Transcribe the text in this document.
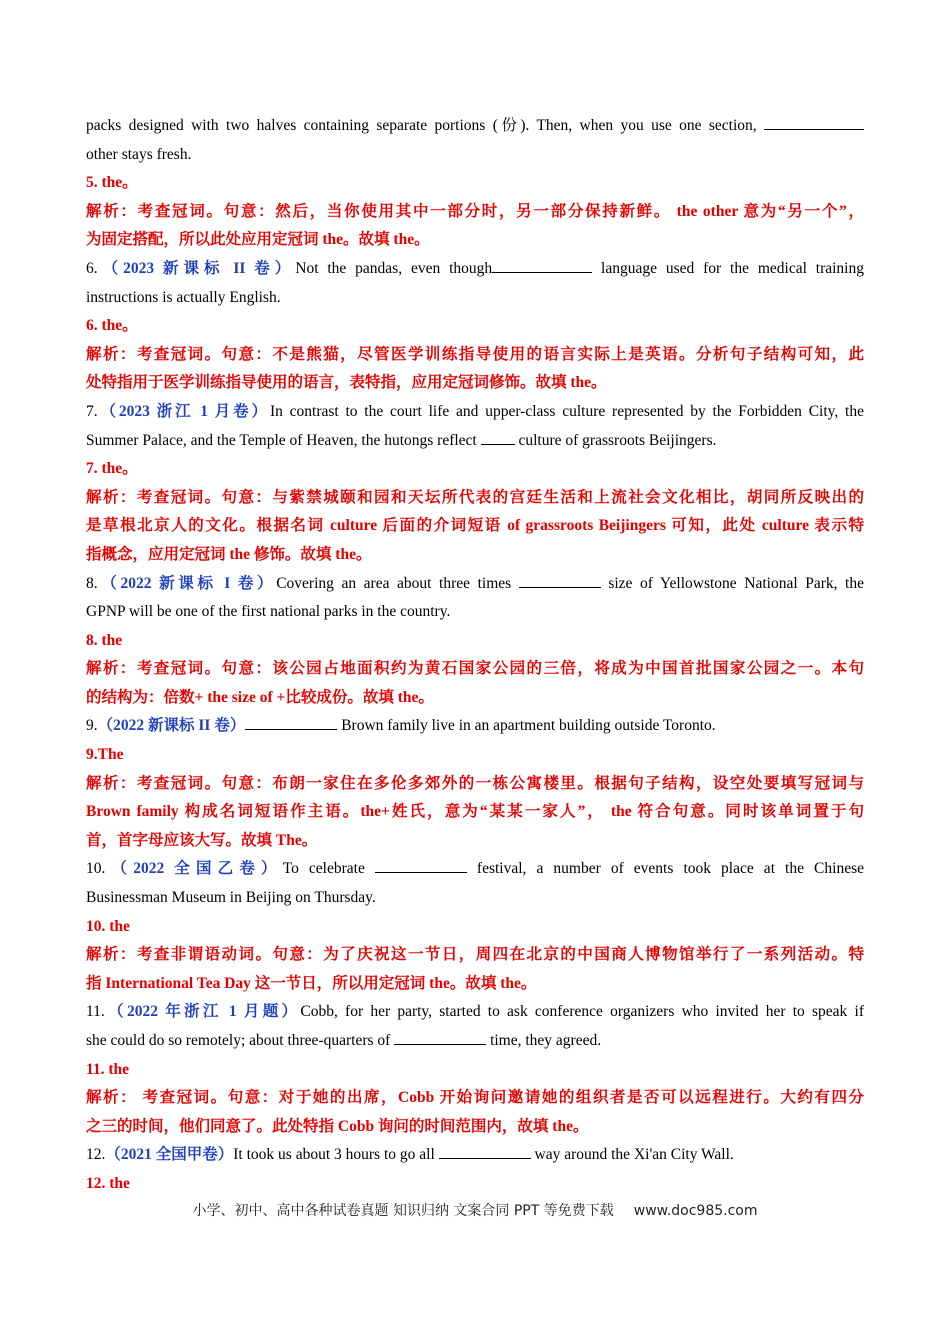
packs designed with two halves containing separate portions (份). Then, when you use one section,
other stays fresh.
5. the。
解析：考查冠词。句意：然后，当你使用其中一部分时，另一部分保持新鲜。 the other 意为“另一个”，
为固定搭配，所以此处应用定冠词 the。故填 the。
6.（2023 新课标 II 卷）Not the pandas, even though	language used for the medical training
instructions is actually English.
6. the。
解析：考查冠词。句意：不是熊猫，尽管医学训练指导使用的语言实际上是英语。分析句子结构可知，此
处特指用于医学训练指导使用的语言，表特指，应用定冠词修饰。故填 the。
7.（2023 浙江 1 月卷）In contrast to the court life and upper-class culture represented by the Forbidden City, the
Summer Palace, and the Temple of Heaven, the hutongs reflect  culture of grassroots Beijingers.
7. the。
解析：考查冠词。句意：与紫禁城颐和园和天坛所代表的宫廷生活和上流社会文化相比，胡同所反映出的
是草根北京人的文化。根据名词 culture 后面的介词短语 of grassroots Beijingers 可知，此处 culture 表示特
指概念，应用定冠词 the 修饰。故填 the。
8.（2022 新课标 I 卷）Covering an area about three times	size of Yellowstone National Park, the
GPNP will be one of the first national parks in the country.
8. the
解析：考查冠词。句意：该公园占地面积约为黄石国家公园的三倍，将成为中国首批国家公园之一。本句
的结构为：倍数+ the size of +比较成份。故填 the。
9.（2022 新课标 II 卷）	Brown family live in an apartment building outside Toronto.
9.The
解析：考查冠词。句意：布朗一家住在多伦多郊外的一栋公寓楼里。根据句子结构，设空处要填写冠词与
Brown family 构成名词短语作主语。the+姓氏，意为“某某一家人”， the 符合句意。同时该单词置于句
首，首字母应该大写。故填 The。
10.（2022 全国乙卷）To celebrate	festival, a number of events took place at the Chinese
Businessman Museum in Beijing on Thursday.
10. the
解析：考查非谓语动词。句意：为了庆祝这一节日，周四在北京的中国商人博物馆举行了一系列活动。特
指 International Tea Day 这一节日，所以用定冠词 the。故填 the。
11.（2022 年浙江 1 月题）Cobb, for her party, started to ask conference organizers who invited her to speak if
she could do so remotely; about three-quarters of	time, they agreed.
11. the
解析： 考查冠词。句意：对于她的出席，Cobb 开始询问邀请她的组织者是否可以远程进行。大约有四分
之三的时间，他们同意了。此处特指 Cobb 询问的时间范围内，故填 the。
12.（2021 全国甲卷）It took us about 3 hours to go all	way around the Xi'an City Wall.
12. the
小学、初中、高中各种试卷真题 知识归纳 文案合同 PPT 等免费下载 www.doc985.com
